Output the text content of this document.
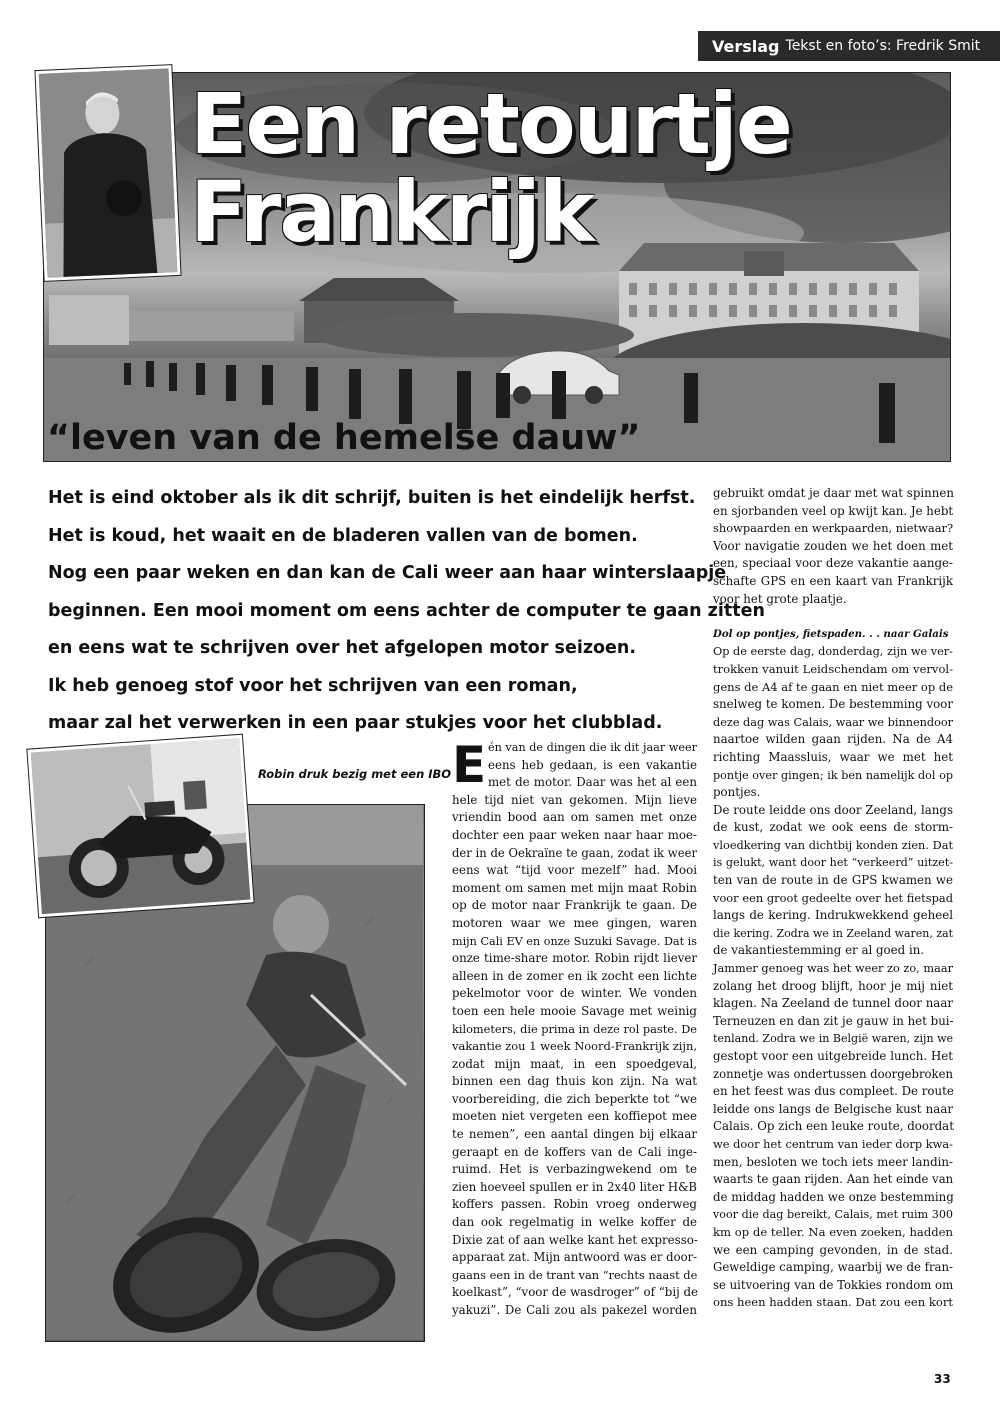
Verslag Tekst en foto’s: Fredrik Smit
Een retourtje
Frankrijk
“leven van de hemelse dauw”

Het is eind oktober als ik dit schrijf, buiten is het eindelijk herfst.

Het is koud, het waait en de bladeren vallen van de bomen.

Nog een paar weken en dan kan de Cali weer aan haar winterslaapje

beginnen. Een mooi moment om eens achter de computer te gaan zitten

en eens wat te schrijven over het afgelopen motor seizoen.

Ik heb genoeg stof voor het schrijven van een roman,

maar zal het verwerken in een paar stukjes voor het clubblad.

Robin druk bezig met een IBO E én van de dingen die ik dit jaar weer
eens heb gedaan, is een vakantie
met de motor. Daar was het al een
hele tijd niet van gekomen. Mijn lieve
vriendin bood aan om samen met onze
dochter een paar weken naar haar moe-
der in de Oekraïne te gaan, zodat ik weer
eens wat “tijd voor mezelf” had. Mooi
moment om samen met mijn maat Robin
op de motor naar Frankrijk te gaan. De
motoren waar we mee gingen, waren
mijn Cali EV en onze Suzuki Savage. Dat is
onze time-share motor. Robin rijdt liever
alleen in de zomer en ik zocht een lichte
pekelmotor voor de winter. We vonden
toen een hele mooie Savage met weinig
kilometers, die prima in deze rol paste. De
vakantie zou 1 week Noord-Frankrijk zijn,
zodat mijn maat, in een spoedgeval,
binnen een dag thuis kon zijn. Na wat
voorbereiding, die zich beperkte tot “we
moeten niet vergeten een koffiepot mee
te nemen”, een aantal dingen bij elkaar
geraapt en de koffers van de Cali inge-
ruimd. Het is verbazingwekend om te
zien hoeveel spullen er in 2x40 liter H&B
koffers passen. Robin vroeg onderweg
dan ook regelmatig in welke koffer de
Dixie zat of aan welke kant het expresso-
apparaat zat. Mijn antwoord was er door-
gaans een in de trant van “rechts naast de
koelkast”, “voor de wasdroger” of “bij de
yakuzi”. De Cali zou als pakezel worden
gebruikt omdat je daar met wat spinnen
en sjorbanden veel op kwijt kan. Je hebt
showpaarden en werkpaarden, nietwaar?
Voor navigatie zouden we het doen met
een, speciaal voor deze vakantie aange-
schafte GPS en een kaart van Frankrijk
voor het grote plaatje.
Dol op pontjes, fietspaden. . . naar Galais
Op de eerste dag, donderdag, zijn we ver-
trokken vanuit Leidschendam om vervol-
gens de A4 af te gaan en niet meer op de
snelweg te komen. De bestemming voor
deze dag was Calais, waar we binnendoor
naartoe wilden gaan rijden. Na de A4
richting Maassluis, waar we met het
pontje over gingen; ik ben namelijk dol op
pontjes.
De route leidde ons door Zeeland, langs
de kust, zodat we ook eens de storm-
vloedkering van dichtbij konden zien. Dat
is gelukt, want door het “verkeerd” uitzet-
ten van de route in de GPS kwamen we
voor een groot gedeelte over het fietspad
langs de kering. Indrukwekkend geheel
die kering. Zodra we in Zeeland waren, zat
de vakantiestemming er al goed in.
Jammer genoeg was het weer zo zo, maar
zolang het droog blijft, hoor je mij niet
klagen. Na Zeeland de tunnel door naar
Terneuzen en dan zit je gauw in het bui-
tenland. Zodra we in België waren, zijn we
gestopt voor een uitgebreide lunch. Het
zonnetje was ondertussen doorgebroken
en het feest was dus compleet. De route
leidde ons langs de Belgische kust naar
Calais. Op zich een leuke route, doordat
we door het centrum van ieder dorp kwa-
men, besloten we toch iets meer landin-
waarts te gaan rijden. Aan het einde van
de middag hadden we onze bestemming
voor die dag bereikt, Calais, met ruim 300
km op de teller. Na even zoeken, hadden
we een camping gevonden, in de stad.
Geweldige camping, waarbij we de fran-
se uitvoering van de Tokkies rondom om
ons heen hadden staan. Dat zou een kort
33
